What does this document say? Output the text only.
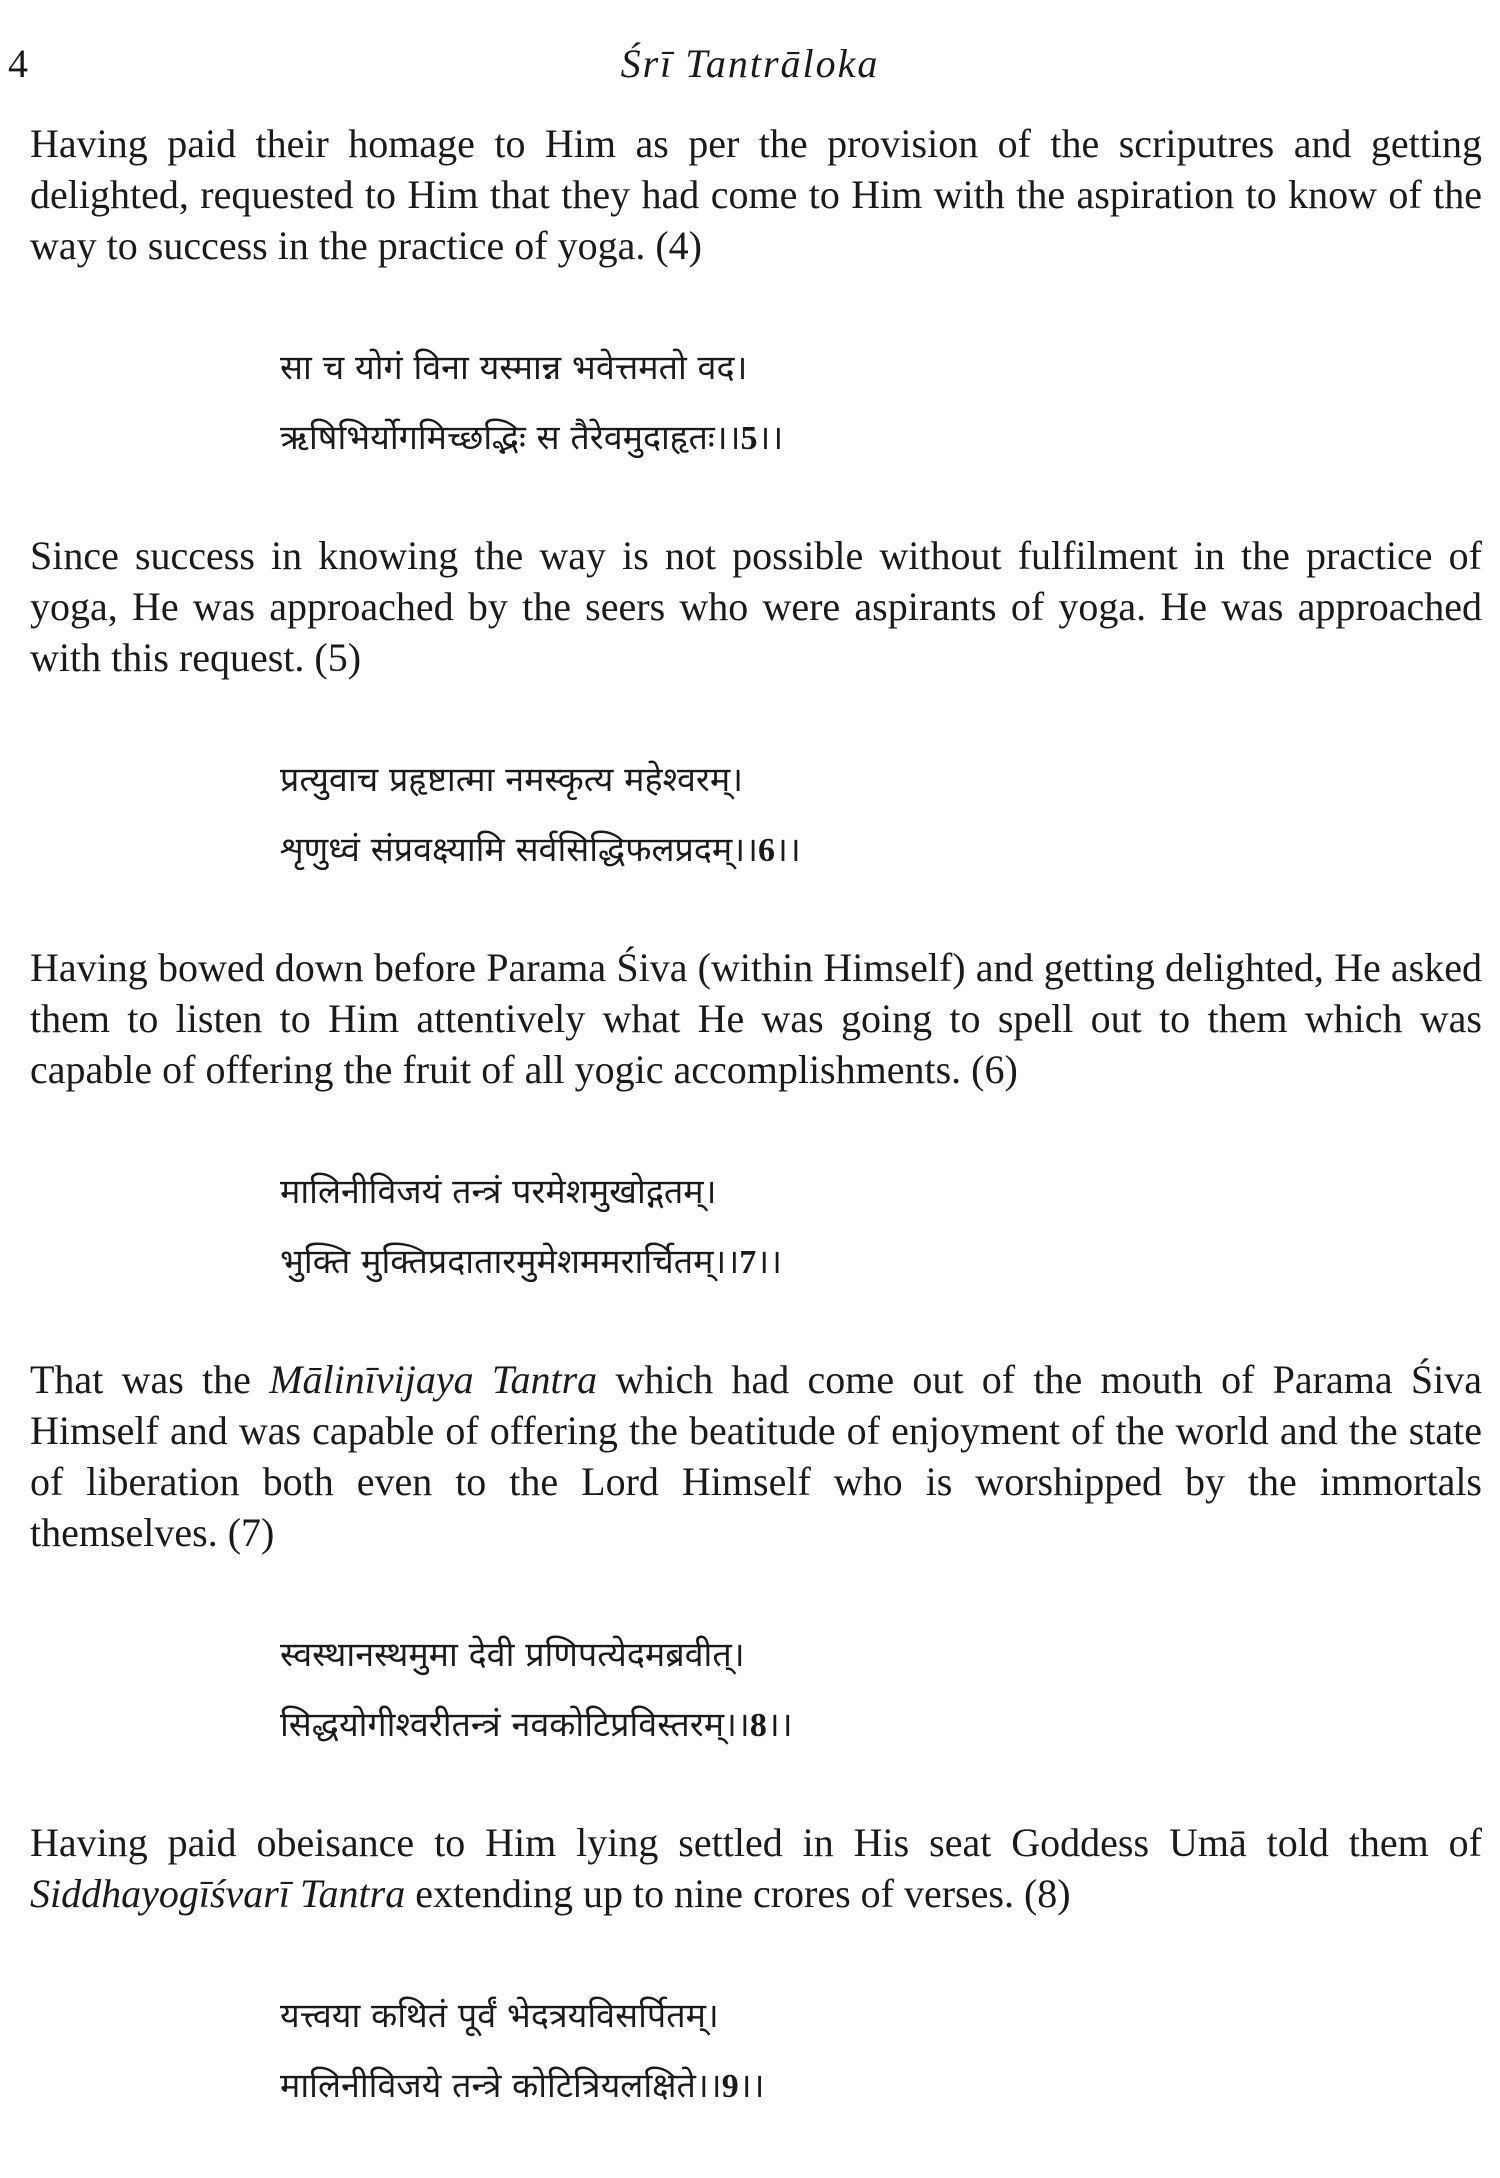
4	Śrī Tantrāloka

Having paid their homage to Him as per the provision of the scriputres and getting delighted, requested to Him that they had come to Him with the aspiration to know of the way to success in the practice of yoga. (4)

सा च योगं विना यस्मान्न भवेत्तमतो वद।
ऋषिभिर्योगमिच्छद्भिः स तैरेवमुदाहृतः।।5।।

Since success in knowing the way is not possible without fulfilment in the practice of yoga, He was approached by the seers who were aspirants of yoga. He was approached with this request. (5)

प्रत्युवाच प्रहृष्टात्मा नमस्कृत्य महेश्वरम्।
शृणुध्वं संप्रवक्ष्यामि सर्वसिद्धिफलप्रदम्।।6।।

Having bowed down before Parama Śiva (within Himself) and getting delighted, He asked them to listen to Him attentively what He was going to spell out to them which was capable of offering the fruit of all yogic accomplishments. (6)

मालिनीविजयं तन्त्रं परमेशमुखोद्गतम्।
भुक्ति मुक्तिप्रदातारमुमेशममरार्चितम्।।7।।

That was the Mālinīvijaya Tantra which had come out of the mouth of Parama Śiva Himself and was capable of offering the beatitude of enjoyment of the world and the state of liberation both even to the Lord Himself who is worshipped by the immortals themselves. (7)

स्वस्थानस्थमुमा देवी प्रणिपत्येदमब्रवीत्।
सिद्धयोगीश्वरीतन्त्रं नवकोटिप्रविस्तरम्।।8।।

Having paid obeisance to Him lying settled in His seat Goddess Umā told them of Siddhayogīśvarī Tantra extending up to nine crores of verses. (8)

यत्त्वया कथितं पूर्वं भेदत्रयविसर्पितम्।
मालिनीविजये तन्त्रे कोटित्रियलक्षिते।।9।।
